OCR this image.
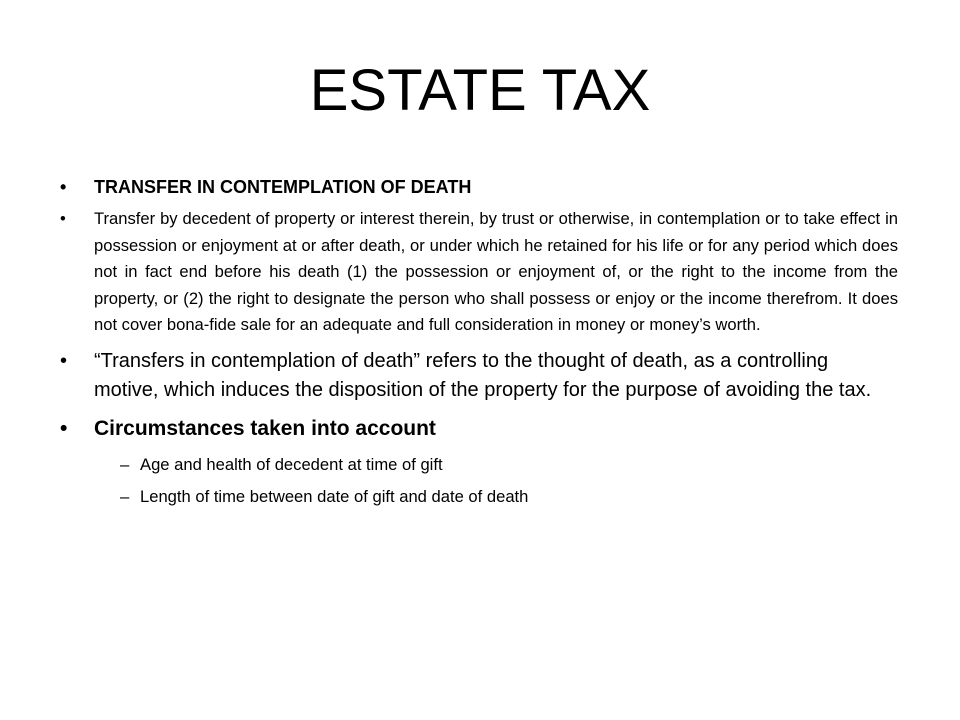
ESTATE TAX
• TRANSFER IN CONTEMPLATION OF DEATH
• Transfer by decedent of property or interest therein, by trust or otherwise, in contemplation or to take effect in possession or enjoyment at or after death, or under which he retained for his life or for any period which does not in fact end before his death (1) the possession or enjoyment of, or the right to the income from the property, or (2) the right to designate the person who shall possess or enjoy or the income therefrom. It does not cover bona-fide sale for an adequate and full consideration in money or money’s worth.
• “Transfers in contemplation of death” refers to the thought of death, as a controlling motive, which induces the disposition of the property for the purpose of avoiding the tax.
• Circumstances taken into account
– Age and health of decedent at time of gift
– Length of time between date of gift and date of death
